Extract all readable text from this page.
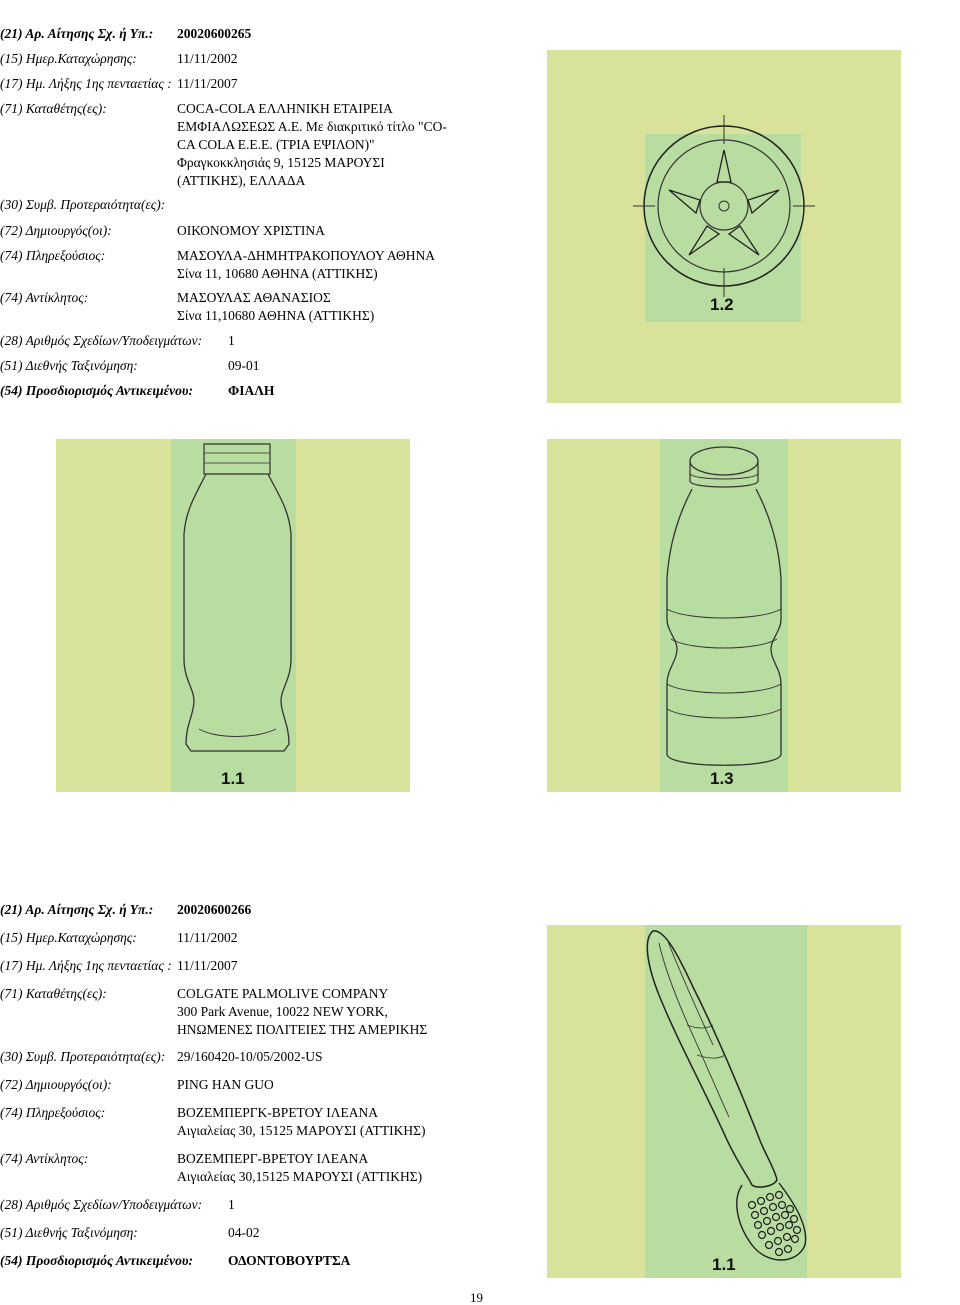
(21) Αρ. Αίτησης Σχ. ή Υπ.: 20020600265
(15) Ημερ.Καταχώρησης:	11/11/2002
(17) Ημ. Λήξης 1ης πενταετίας : 11/11/2007
(71) Καταθέτης(ες):	COCA-COLA ΕΛΛΗΝΙΚΗ ΕΤΑΙΡΕΙΑ
ΕΜΦΙΑΛΩΣΕΩΣ Α.Ε. Με διακριτικό τίτλο "CO-
CA COLA Ε.Ε.Ε. (ΤΡΙΑ ΕΨΙΛΟΝ)"
Φραγκοκκλησιάς 9, 15125 ΜΑΡΟΥΣΙ
(ΑΤΤΙΚΗΣ), ΕΛΛΑΔΑ
(30) Συμβ. Προτεραιότητα(ες):
(72) Δημιουργός(οι):	ΟΙΚΟΝΟΜΟΥ ΧΡΙΣΤΙΝΑ
(74) Πληρεξούσιος:	ΜΑΣΟΥΛΑ-ΔΗΜΗΤΡΑΚΟΠΟΥΛΟΥ ΑΘΗΝΑ
Σίνα 11, 10680 ΑΘΗΝΑ (ΑΤΤΙΚΗΣ)
(74) Αντίκλητος:	ΜΑΣΟΥΛΑΣ ΑΘΑΝΑΣΙΟΣ
Σίνα 11,10680 ΑΘΗΝΑ (ΑΤΤΙΚΗΣ)
(28) Αριθμός Σχεδίων/Υποδειγμάτων: 1
(51) Διεθνής Ταξινόμηση:	09-01
(54) Προσδιορισμός Αντικειμένου:	ΦΙΑΛΗ
1.2
1.1	1.3
(21) Αρ. Αίτησης Σχ. ή Υπ.: 20020600266
(15) Ημερ.Καταχώρησης:	11/11/2002
(17) Ημ. Λήξης 1ης πενταετίας : 11/11/2007
(71) Καταθέτης(ες):	COLGATE PALMOLIVE COMPANY
300 Park Avenue, 10022 NEW YORK,
ΗΝΩΜΕΝΕΣ ΠΟΛΙΤΕΙΕΣ ΤΗΣ ΑΜΕΡΙΚΗΣ
(30) Συμβ. Προτεραιότητα(ες): 29/160420-10/05/2002-US
(72) Δημιουργός(οι):	PING HAN GUO
(74) Πληρεξούσιος:	ΒΟΖΕΜΠΕΡΓΚ-ΒΡΕΤΟΥ ΙΛΕΑΝΑ
Αιγιαλείας 30, 15125 ΜΑΡΟΥΣΙ (ΑΤΤΙΚΗΣ)
(74) Αντίκλητος:	ΒΟΖΕΜΠΕΡΓ-ΒΡΕΤΟΥ ΙΛΕΑΝΑ
Αιγιαλείας 30,15125 ΜΑΡΟΥΣΙ (ΑΤΤΙΚΗΣ)
(28) Αριθμός Σχεδίων/Υποδειγμάτων: 1
(51) Διεθνής Ταξινόμηση:	04-02
(54) Προσδιορισμός Αντικειμένου:	ΟΔΟΝΤΟΒΟΥΡΤΣΑ	1.1
19
